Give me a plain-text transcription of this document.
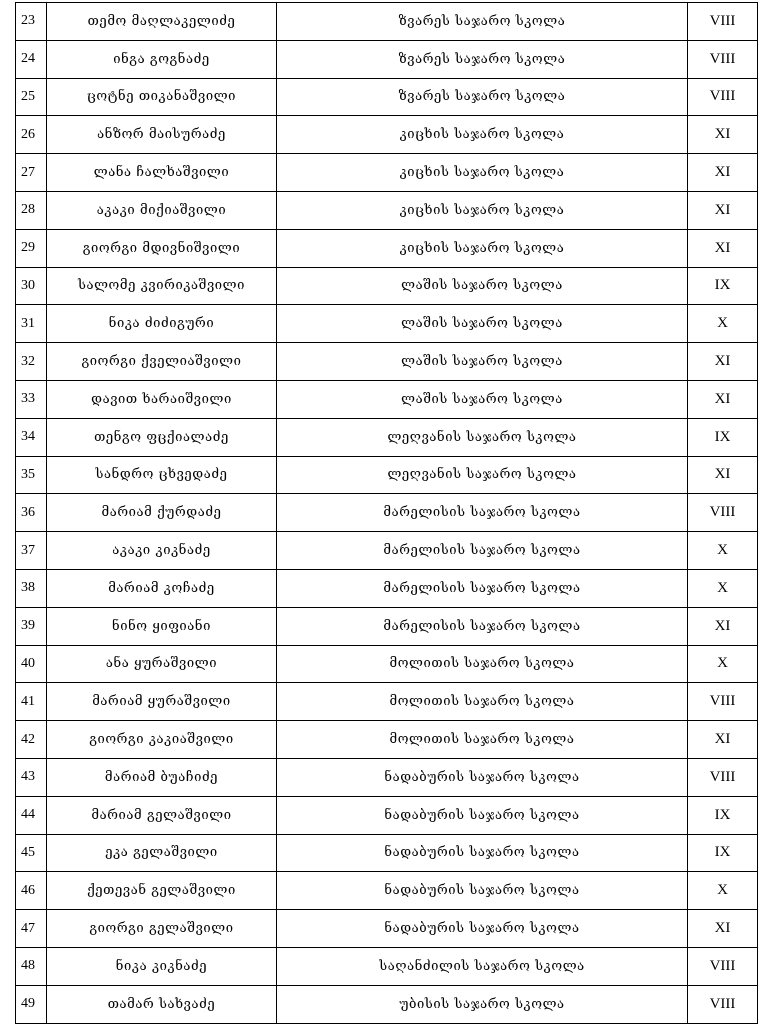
23	თემო მაღლაკელიძე	ზვარეს საჯარო სკოლა	VIII
24	ინგა გოგნაძე	ზვარეს საჯარო სკოლა	VIII
25	ცოტნე თიკანაშვილი	ზვარეს საჯარო სკოლა	VIII
26	ანზორ მაისურაძე	კიცხის საჯარო სკოლა	XI
27	ლანა ჩალხაშვილი	კიცხის საჯარო სკოლა	XI
28	აკაკი მიქიაშვილი	კიცხის საჯარო სკოლა	XI
29	გიორგი მდივნიშვილი	კიცხის საჯარო სკოლა	XI
30	სალომე კვირიკაშვილი	ლაშის საჯარო სკოლა	IX
31	ნიკა ძიძიგური	ლაშის საჯარო სკოლა	X
32	გიორგი ქველიაშვილი	ლაშის საჯარო სკოლა	XI
33	დავით ხარაიშვილი	ლაშის საჯარო სკოლა	XI
34	თენგო ფცქიალაძე	ლეღვანის საჯარო სკოლა	IX
35	სანდრო ცხვედაძე	ლეღვანის საჯარო სკოლა	XI
36	მარიამ ქურდაძე	მარელისის საჯარო სკოლა	VIII
37	აკაკი კიკნაძე	მარელისის საჯარო სკოლა	X
38	მარიამ კოჩაძე	მარელისის საჯარო სკოლა	X
39	ნინო ყიფიანი	მარელისის საჯარო სკოლა	XI
40	ანა ყურაშვილი	მოლითის საჯარო სკოლა	X
41	მარიამ ყურაშვილი	მოლითის საჯარო სკოლა	VIII
42	გიორგი კაკიაშვილი	მოლითის საჯარო სკოლა	XI
43	მარიამ ბუაჩიძე	ნადაბურის საჯარო სკოლა	VIII
44	მარიამ გელაშვილი	ნადაბურის საჯარო სკოლა	IX
45	ეკა გელაშვილი	ნადაბურის საჯარო სკოლა	IX
46	ქეთევან გელაშვილი	ნადაბურის საჯარო სკოლა	X
47	გიორგი გელაშვილი	ნადაბურის საჯარო სკოლა	XI
48	ნიკა კიკნაძე	საღანძილის საჯარო სკოლა	VIII
49	თამარ სახვაძე	უბისის საჯარო სკოლა	VIII
